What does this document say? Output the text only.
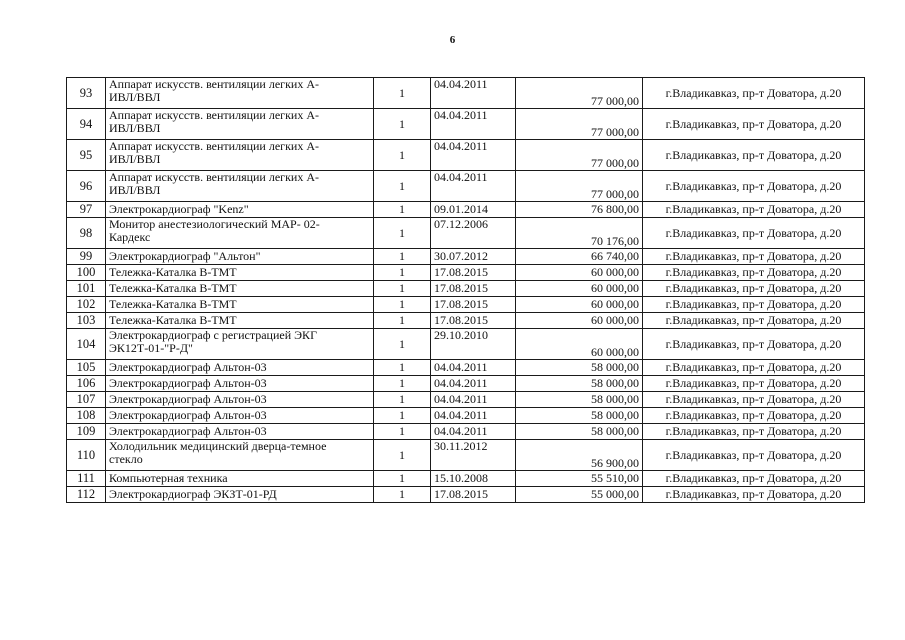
6
93	Аппарат искусств. вентиляции легких А-
ИВЛ/ВВЛ	1	04.04.2011	77 000,00	г.Владикавказ, пр-т Доватора, д.20
94	Аппарат искусств. вентиляции легких А-
ИВЛ/ВВЛ	1	04.04.2011	77 000,00	г.Владикавказ, пр-т Доватора, д.20
95	Аппарат искусств. вентиляции легких А-
ИВЛ/ВВЛ	1	04.04.2011	77 000,00	г.Владикавказ, пр-т Доватора, д.20
96	Аппарат искусств. вентиляции легких А-
ИВЛ/ВВЛ	1	04.04.2011	77 000,00	г.Владикавказ, пр-т Доватора, д.20
97	Электрокардиограф "Kenz"	1	09.01.2014	76 800,00	г.Владикавказ, пр-т Доватора, д.20
98	Монитор анестезиологический МАР- 02-
Кардекс	1	07.12.2006	70 176,00	г.Владикавказ, пр-т Доватора, д.20
99	Электрокардиограф "Альтон"	1	30.07.2012	66 740,00	г.Владикавказ, пр-т Доватора, д.20
100	Тележка-Каталка В-ТМТ	1	17.08.2015	60 000,00	г.Владикавказ, пр-т Доватора, д.20
101	Тележка-Каталка В-ТМТ	1	17.08.2015	60 000,00	г.Владикавказ, пр-т Доватора, д.20
102	Тележка-Каталка В-ТМТ	1	17.08.2015	60 000,00	г.Владикавказ, пр-т Доватора, д.20
103	Тележка-Каталка В-ТМТ	1	17.08.2015	60 000,00	г.Владикавказ, пр-т Доватора, д.20
104	Электрокардиограф с регистрацией ЭКГ
ЭК12Т-01-"Р-Д"	1	29.10.2010	60 000,00	г.Владикавказ, пр-т Доватора, д.20
105	Электрокардиограф Альтон-03	1	04.04.2011	58 000,00	г.Владикавказ, пр-т Доватора, д.20
106	Электрокардиограф Альтон-03	1	04.04.2011	58 000,00	г.Владикавказ, пр-т Доватора, д.20
107	Электрокардиограф Альтон-03	1	04.04.2011	58 000,00	г.Владикавказ, пр-т Доватора, д.20
108	Электрокардиограф Альтон-03	1	04.04.2011	58 000,00	г.Владикавказ, пр-т Доватора, д.20
109	Электрокардиограф Альтон-03	1	04.04.2011	58 000,00	г.Владикавказ, пр-т Доватора, д.20
110	Холодильник медицинский дверца-темное
стекло	1	30.11.2012	56 900,00	г.Владикавказ, пр-т Доватора, д.20
111	Компьютерная техника	1	15.10.2008	55 510,00	г.Владикавказ, пр-т Доватора, д.20
112	Электрокардиограф ЭКЗТ-01-РД	1	17.08.2015	55 000,00	г.Владикавказ, пр-т Доватора, д.20
